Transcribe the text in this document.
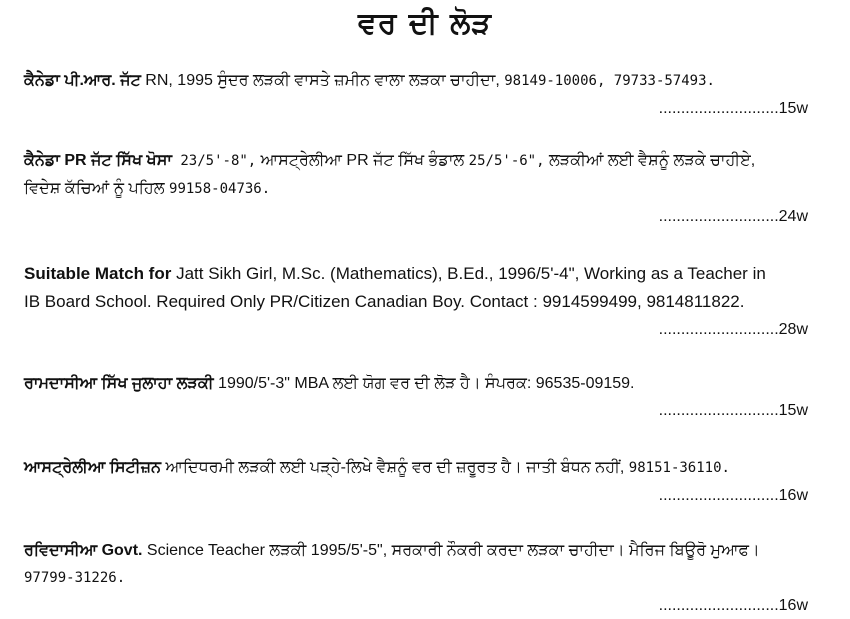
ਵਰ ਦੀ ਲੋੜ
ਕੈਨੇਡਾ ਪੀ.ਆਰ. ਜੱਟ RN, 1995 ਸੁੰਦਰ ਲੜਕੀ ਵਾਸਤੇ ਜ਼ਮੀਨ ਵਾਲਾ ਲੜਕਾ ਚਾਹੀਦਾ, 98149-10006, 79733-57493.
...........................15w
ਕੈਨੇਡਾ PR ਜੱਟ ਸਿੱਖ ਖੋਸਾ 23/5'-8", ਆਸਟ੍ਰੇਲੀਆ PR ਜੱਟ ਸਿੱਖ ਭੰਡਾਲ 25/5'-6", ਲੜਕੀਆਂ ਲਈ ਵੈਸ਼ਨੂੰ ਲੜਕੇ ਚਾਹੀਏ,
ਵਿਦੇਸ਼ ਕੱਚਿਆਂ ਨੂੰ ਪਹਿਲ 99158-04736.
...........................24w
Suitable Match for Jatt Sikh Girl, M.Sc. (Mathematics), B.Ed., 1996/5'-4", Working as a Teacher in
IB Board School. Required Only PR/Citizen Canadian Boy. Contact : 9914599499, 9814811822.
...........................28w
ਰਾਮਦਾਸੀਆ ਸਿੱਖ ਜੁਲਾਹਾ ਲੜਕੀ 1990/5'-3" MBA ਲਈ ਯੋਗ ਵਰ ਦੀ ਲੋੜ ਹੈ। ਸੰਪਰਕ: 96535-09159.
...........................15w
ਆਸਟ੍ਰੇਲੀਆ ਸਿਟੀਜ਼ਨ ਆਦਿਧਰਮੀ ਲੜਕੀ ਲਈ ਪੜ੍ਹੇ-ਲਿਖੇ ਵੈਸ਼ਨੂੰ ਵਰ ਦੀ ਜ਼ਰੂਰਤ ਹੈ। ਜਾਤੀ ਬੰਧਨ ਨਹੀਂ, 98151-36110.
...........................16w
ਰਵਿਦਾਸੀਆ Govt. Science Teacher ਲੜਕੀ 1995/5'-5", ਸਰਕਾਰੀ ਨੌਕਰੀ ਕਰਦਾ ਲੜਕਾ ਚਾਹੀਦਾ। ਮੈਰਿਜ ਬਿਊਰੋ ਮੁਆਫ।
97799-31226.
...........................16w
